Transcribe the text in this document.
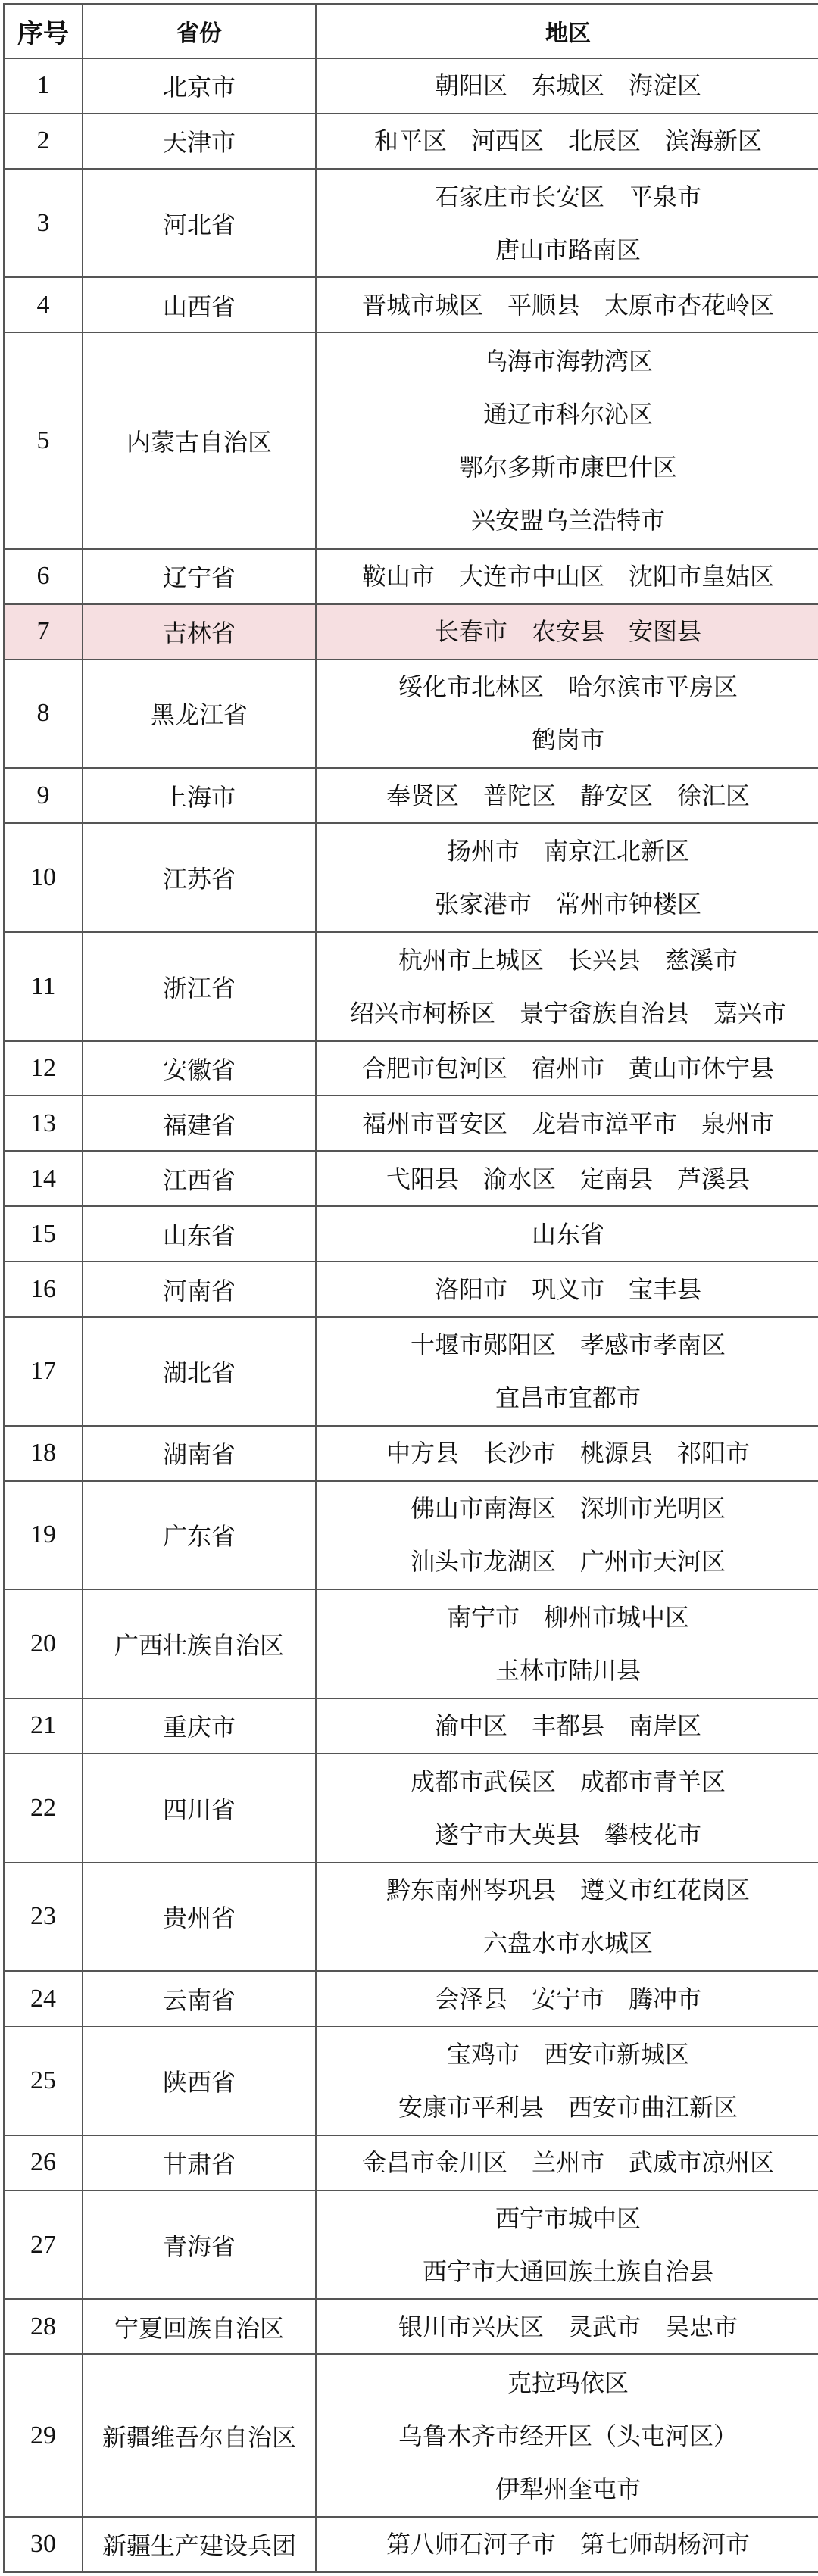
序号	省份	地区
1	北京市	朝阳区　东城区　海淀区

2	天津市	和平区　河西区　北辰区　滨海新区

3	河北省	石家庄市长安区　平泉市
唐山市路南区

4	山西省	晋城市城区　平顺县　太原市杏花岭区

5	内蒙古自治区	乌海市海勃湾区
通辽市科尔沁区
鄂尔多斯市康巴什区
兴安盟乌兰浩特市

6	辽宁省	鞍山市　大连市中山区　沈阳市皇姑区

7	吉林省	长春市　农安县　安图县

8	黑龙江省	绥化市北林区　哈尔滨市平房区
鹤岗市

9	上海市	奉贤区　普陀区　静安区　徐汇区

10	江苏省	扬州市　南京江北新区
张家港市　常州市钟楼区

11	浙江省	杭州市上城区　长兴县　慈溪市
绍兴市柯桥区　景宁畲族自治县　嘉兴市

12	安徽省	合肥市包河区　宿州市　黄山市休宁县

13	福建省	福州市晋安区　龙岩市漳平市　泉州市

14	江西省	弋阳县　渝水区　定南县　芦溪县

15	山东省	山东省

16	河南省	洛阳市　巩义市　宝丰县

17	湖北省	十堰市郧阳区　孝感市孝南区
宜昌市宜都市

18	湖南省	中方县　长沙市　桃源县　祁阳市

19	广东省	佛山市南海区　深圳市光明区
汕头市龙湖区　广州市天河区

20	广西壮族自治区	南宁市　柳州市城中区
玉林市陆川县

21	重庆市	渝中区　丰都县　南岸区

22	四川省	成都市武侯区　成都市青羊区
遂宁市大英县　攀枝花市

23	贵州省	黔东南州岑巩县　遵义市红花岗区
六盘水市水城区

24	云南省	会泽县　安宁市　腾冲市

25	陕西省	宝鸡市　西安市新城区
安康市平利县　西安市曲江新区

26	甘肃省	金昌市金川区　兰州市　武威市凉州区

27	青海省	西宁市城中区
西宁市大通回族土族自治县

28	宁夏回族自治区	银川市兴庆区　灵武市　吴忠市

29	新疆维吾尔自治区	克拉玛依区
乌鲁木齐市经开区（头屯河区）
伊犁州奎屯市

30	新疆生产建设兵团	第八师石河子市　第七师胡杨河市
